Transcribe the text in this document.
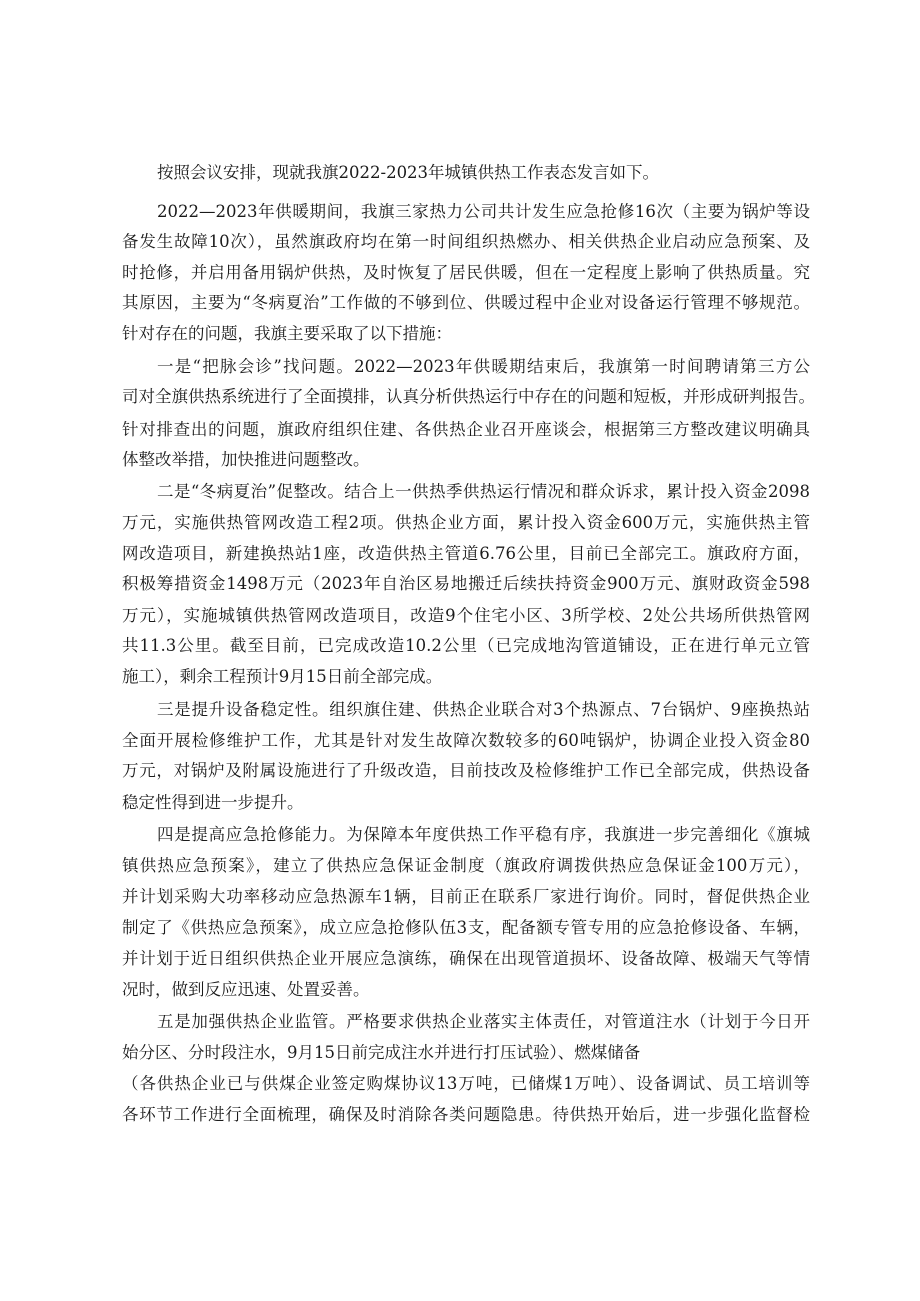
按照会议安排，现就我旗2022-2023年城镇供热工作表态发言如下。
2022—2023年供暖期间，我旗三家热力公司共计发生应急抢修16次（主要为锅炉等设
备发生故障10次），虽然旗政府均在第一时间组织热燃办、相关供热企业启动应急预案、及
时抢修，并启用备用锅炉供热，及时恢复了居民供暖，但在一定程度上影响了供热质量。究
其原因，主要为“冬病夏治”工作做的不够到位、供暖过程中企业对设备运行管理不够规范。
针对存在的问题，我旗主要采取了以下措施：
一是“把脉会诊”找问题。2022—2023年供暖期结束后，我旗第一时间聘请第三方公
司对全旗供热系统进行了全面摸排，认真分析供热运行中存在的问题和短板，并形成研判报告。
针对排查出的问题，旗政府组织住建、各供热企业召开座谈会，根据第三方整改建议明确具
体整改举措，加快推进问题整改。
二是“冬病夏治”促整改。结合上一供热季供热运行情况和群众诉求，累计投入资金2098
万元，实施供热管网改造工程2项。供热企业方面，累计投入资金600万元，实施供热主管
网改造项目，新建换热站1座，改造供热主管道6.76公里，目前已全部完工。旗政府方面，
积极筹措资金1498万元（2023年自治区易地搬迁后续扶持资金900万元、旗财政资金598
万元），实施城镇供热管网改造项目，改造9个住宅小区、3所学校、2处公共场所供热管网
共11.3公里。截至目前，已完成改造10.2公里（已完成地沟管道铺设，正在进行单元立管
施工），剩余工程预计9月15日前全部完成。
三是提升设备稳定性。组织旗住建、供热企业联合对3个热源点、7台锅炉、9座换热站
全面开展检修维护工作，尤其是针对发生故障次数较多的60吨锅炉，协调企业投入资金80
万元，对锅炉及附属设施进行了升级改造，目前技改及检修维护工作已全部完成，供热设备
稳定性得到进一步提升。
四是提高应急抢修能力。为保障本年度供热工作平稳有序，我旗进一步完善细化《旗城
镇供热应急预案》，建立了供热应急保证金制度（旗政府调拨供热应急保证金100万元），
并计划采购大功率移动应急热源车1辆，目前正在联系厂家进行询价。同时，督促供热企业
制定了《供热应急预案》，成立应急抢修队伍3支，配备额专管专用的应急抢修设备、车辆，
并计划于近日组织供热企业开展应急演练，确保在出现管道损坏、设备故障、极端天气等情
况时，做到反应迅速、处置妥善。
五是加强供热企业监管。严格要求供热企业落实主体责任，对管道注水（计划于今日开
始分区、分时段注水，9月15日前完成注水并进行打压试验）、燃煤储备
（各供热企业已与供煤企业签定购煤协议13万吨，已储煤1万吨）、设备调试、员工培训等
各环节工作进行全面梳理，确保及时消除各类问题隐患。待供热开始后，进一步强化监督检
